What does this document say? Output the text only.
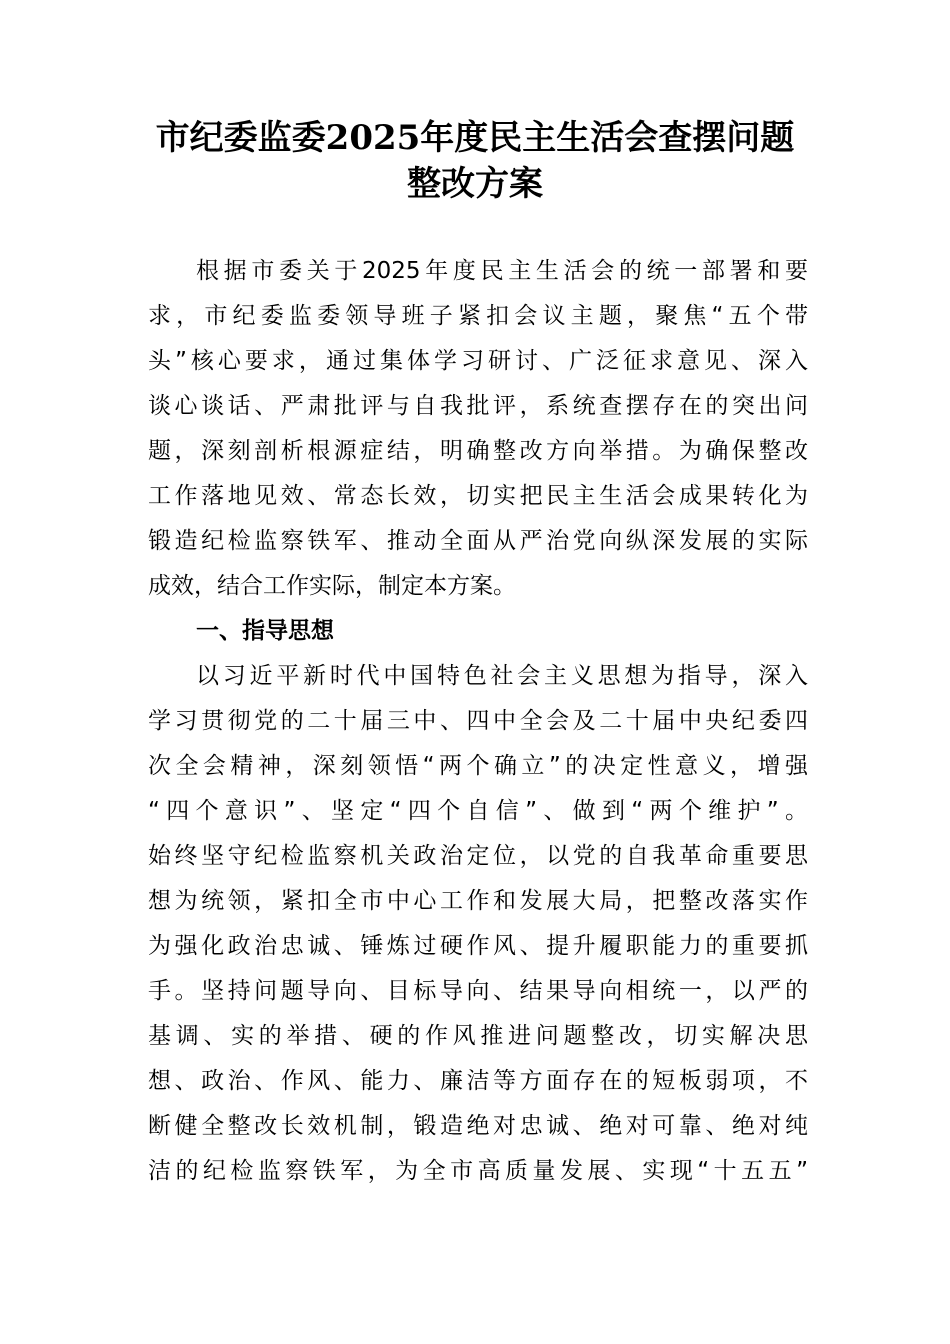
市纪委监委2025年度民主生活会查摆问题
整改方案
根据市委关于2025年度民主生活会的统一部署和要
求，市纪委监委领导班子紧扣会议主题，聚焦“五个带
头”核心要求，通过集体学习研讨、广泛征求意见、深入
谈心谈话、严肃批评与自我批评，系统查摆存在的突出问
题，深刻剖析根源症结，明确整改方向举措。为确保整改
工作落地见效、常态长效，切实把民主生活会成果转化为
锻造纪检监察铁军、推动全面从严治党向纵深发展的实际
成效，结合工作实际，制定本方案。
一、指导思想
以习近平新时代中国特色社会主义思想为指导，深入
学习贯彻党的二十届三中、四中全会及二十届中央纪委四
次全会精神，深刻领悟“两个确立”的决定性意义，增强
“四个意识”、坚定“四个自信”、做到“两个维护”。
始终坚守纪检监察机关政治定位，以党的自我革命重要思
想为统领，紧扣全市中心工作和发展大局，把整改落实作
为强化政治忠诚、锤炼过硬作风、提升履职能力的重要抓
手。坚持问题导向、目标导向、结果导向相统一，以严的
基调、实的举措、硬的作风推进问题整改，切实解决思
想、政治、作风、能力、廉洁等方面存在的短板弱项，不
断健全整改长效机制，锻造绝对忠诚、绝对可靠、绝对纯
洁的纪检监察铁军，为全市高质量发展、实现“十五五”
